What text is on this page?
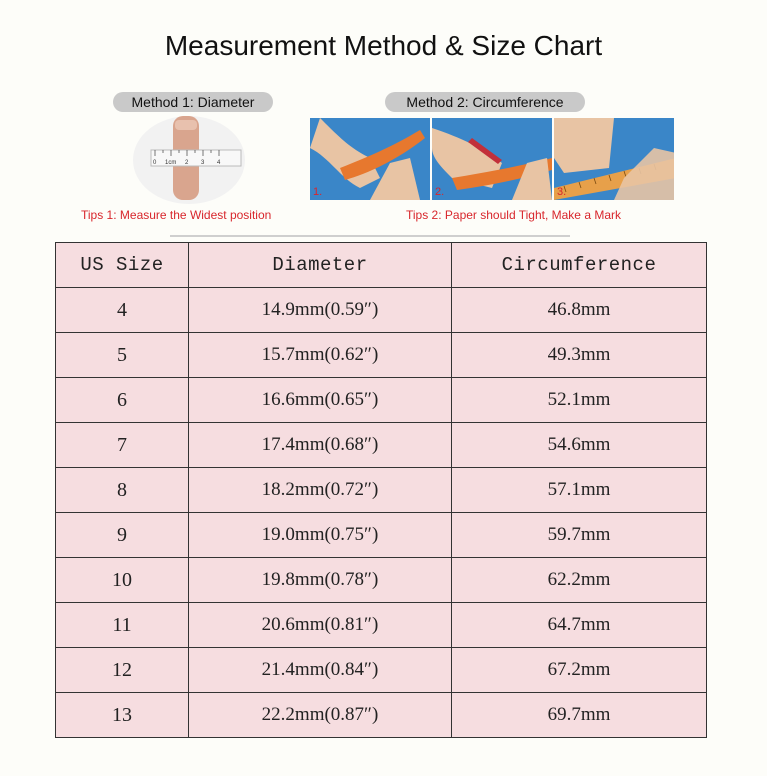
Measurement Method & Size Chart
Method 1: Diameter
0 1cm 2 3 4
Tips 1: Measure the Widest position
Method 2: Circumference
1.	2.	3.
Tips 2: Paper should Tight, Make a Mark
US Size	Diameter	Circumference
4	14.9mm(0.59″)	46.8mm
5	15.7mm(0.62″)	49.3mm
6	16.6mm(0.65″)	52.1mm
7	17.4mm(0.68″)	54.6mm
8	18.2mm(0.72″)	57.1mm
9	19.0mm(0.75″)	59.7mm
10	19.8mm(0.78″)	62.2mm
11	20.6mm(0.81″)	64.7mm
12	21.4mm(0.84″)	67.2mm
13	22.2mm(0.87″)	69.7mm
